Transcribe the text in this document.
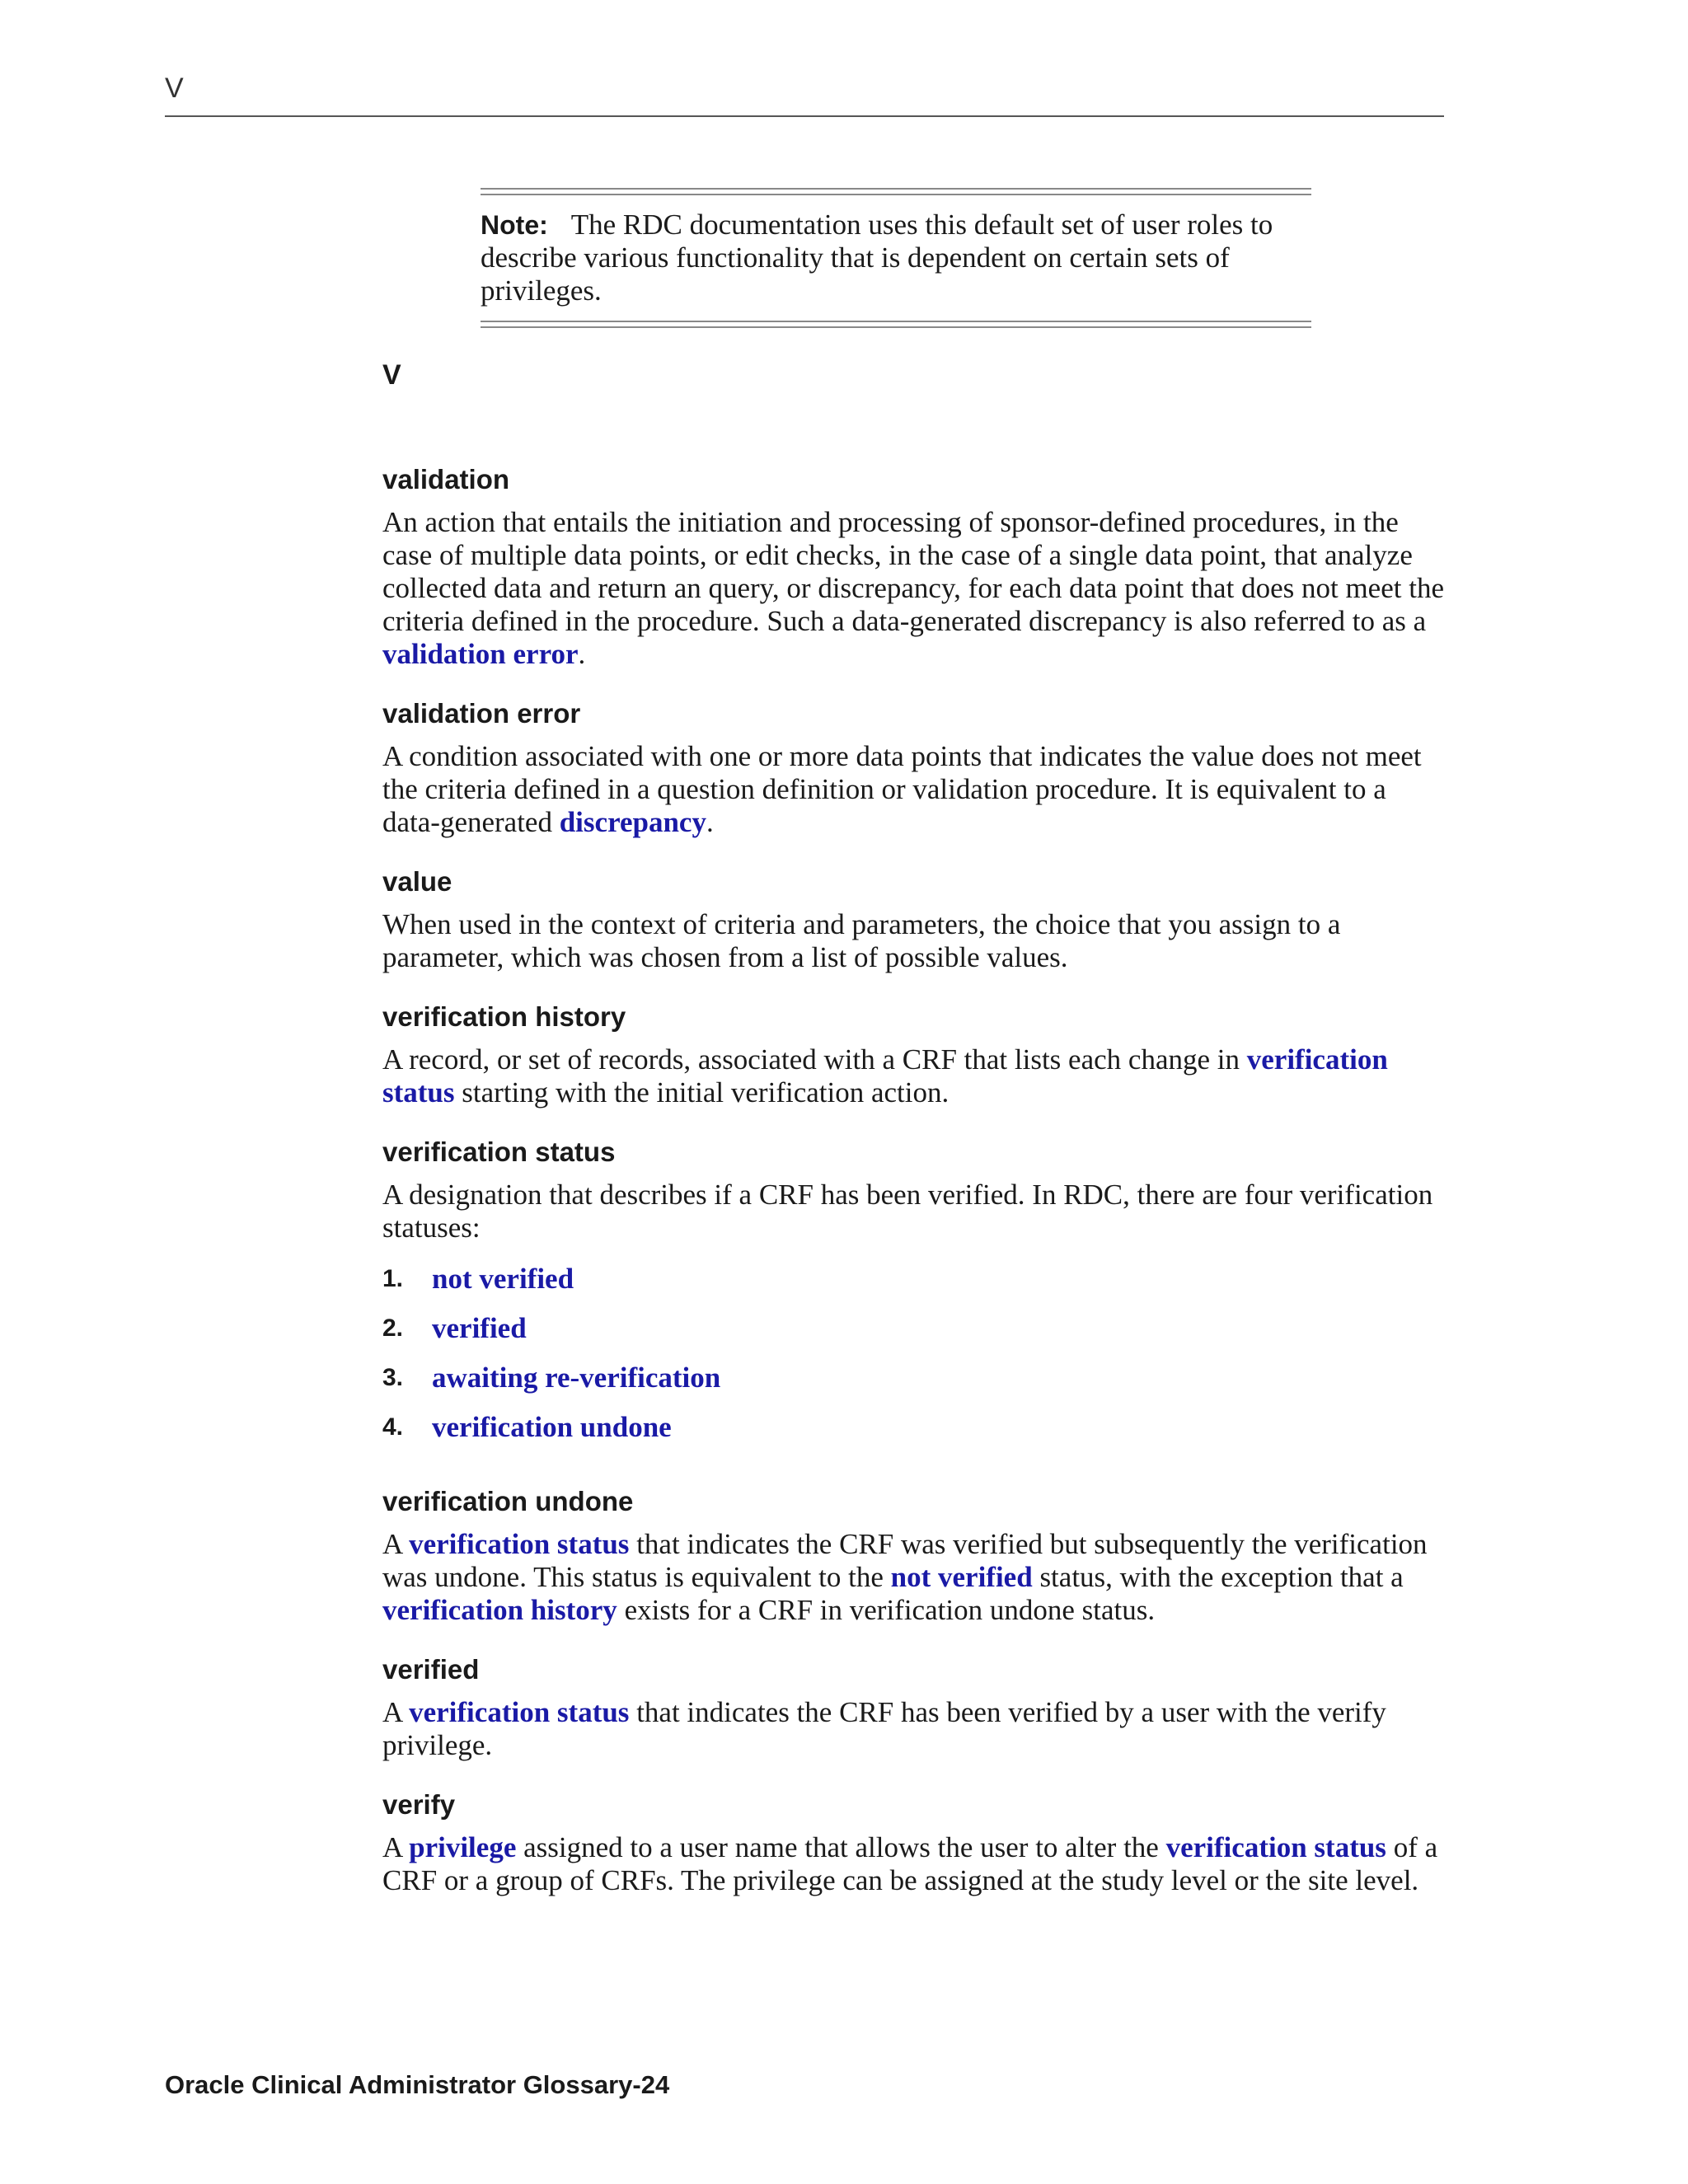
V

Note: The RDC documentation uses this default set of user roles to describe various functionality that is dependent on certain sets of privileges.

V
validation

An action that entails the initiation and processing of sponsor-defined procedures, in the case of multiple data points, or edit checks, in the case of a single data point, that analyze collected data and return an query, or discrepancy, for each data point that does not meet the criteria defined in the procedure. Such a data-generated discrepancy is also referred to as a validation error.

validation error

A condition associated with one or more data points that indicates the value does not meet the criteria defined in a question definition or validation procedure. It is equivalent to a data-generated discrepancy.

value

When used in the context of criteria and parameters, the choice that you assign to a parameter, which was chosen from a list of possible values.

verification history

A record, or set of records, associated with a CRF that lists each change in verification status starting with the initial verification action.

verification status

A designation that describes if a CRF has been verified. In RDC, there are four verification statuses:

1. not verified
2. verified
3. awaiting re-verification
4. verification undone
verification undone

A verification status that indicates the CRF was verified but subsequently the verification was undone. This status is equivalent to the not verified status, with the exception that a verification history exists for a CRF in verification undone status.

verified

A verification status that indicates the CRF has been verified by a user with the verify privilege.

verify

A privilege assigned to a user name that allows the user to alter the verification status of a CRF or a group of CRFs. The privilege can be assigned at the study level or the site level.

Oracle Clinical Administrator Glossary-24
